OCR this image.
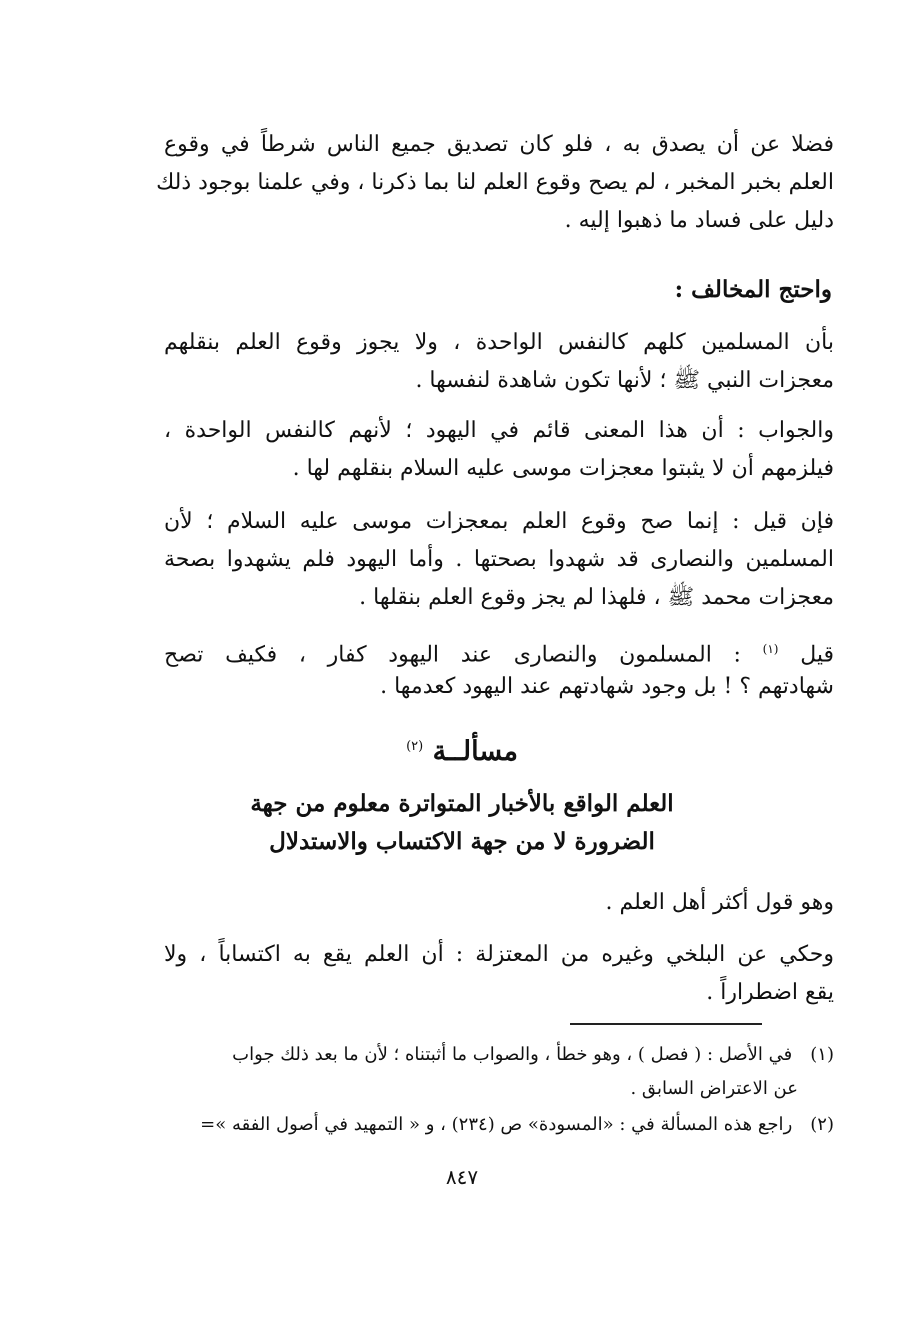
فضلا عن أن يصدق به ، فلو كان تصديق جميع الناس شرطاً في وقوع
العلم بخبر المخبر ، لم يصح وقوع العلم لنا بما ذكرنا ، وفي علمنا بوجود ذلك
دليل على فساد ما ذهبوا إليه .
واحتج المخالف :
بأن المسلمين كلهم كالنفس الواحدة ، ولا يجوز وقوع العلم بنقلهم
معجزات النبي ﷺ ؛ لأنها تكون شاهدة لنفسها .
والجواب : أن هذا المعنى قائم في اليهود ؛ لأنهم كالنفس الواحدة ،
فيلزمهم أن لا يثبتوا معجزات موسى عليه السلام بنقلهم لها .
فإن قيل : إنما صح وقوع العلم بمعجزات موسى عليه السلام ؛ لأن
المسلمين والنصارى قد شهدوا بصحتها . وأما اليهود فلم يشهدوا بصحة
معجزات محمد ﷺ ، فلهذا لم يجز وقوع العلم بنقلها .
قيل $^{(١)}$ : المسلمون والنصارى عند اليهود كفار ، فكيف تصح
شهادتهم ؟ ! بل وجود شهادتهم عند اليهود كعدمها .
مسألــة $^{(٢)}$
العلم الواقع بالأخبار المتواترة معلوم من جهة
الضرورة لا من جهة الاكتساب والاستدلال
وهو قول أكثر أهل العلم .
وحكي عن البلخي وغيره من المعتزلة : أن العلم يقع به اكتساباً ، ولا
يقع اضطراراً .
(١) في الأصل : ( فصل ) ، وهو خطأ ، والصواب ما أثبتناه ؛ لأن ما بعد ذلك جواب
عن الاعتراض السابق .
(٢) راجع هذه المسألة في : «المسودة» ص (٢٣٤) ، و « التمهيد في أصول الفقه »=
٨٤٧
